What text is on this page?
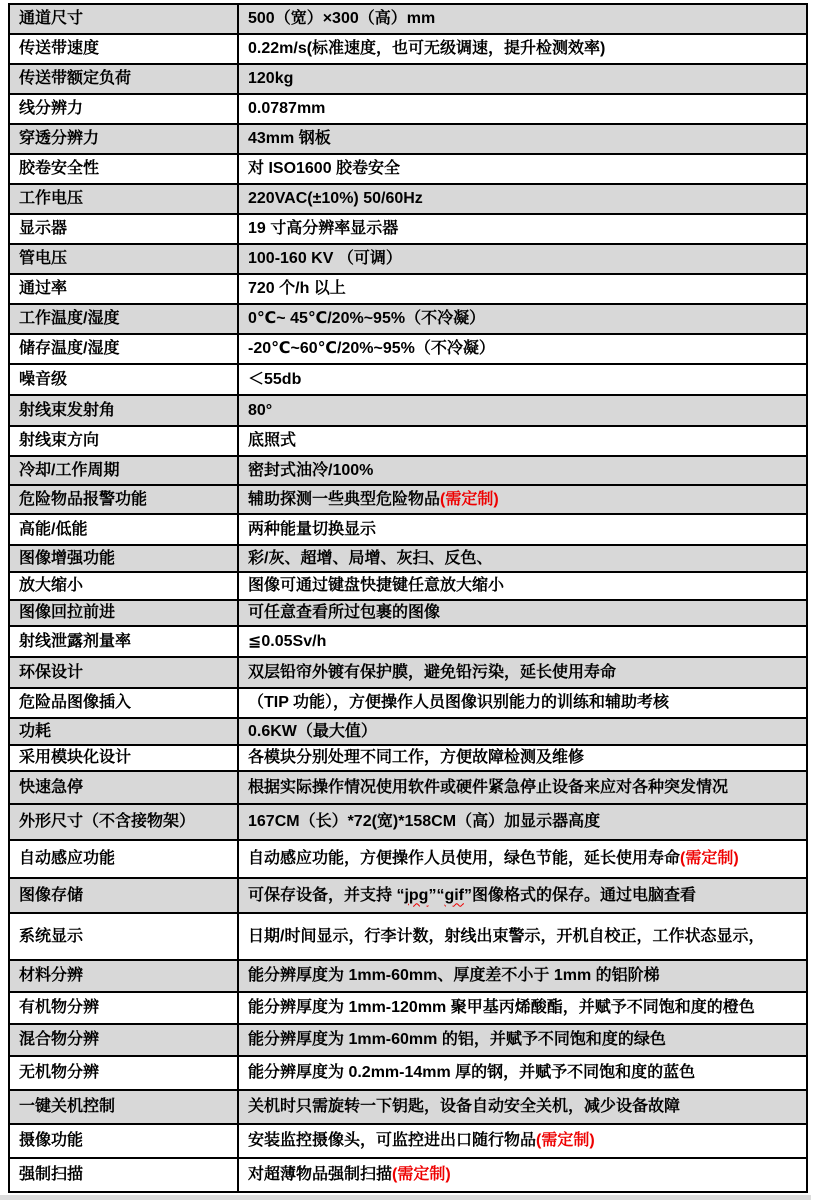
通道尺寸	500（宽）×300（高）mm
传送带速度	0.22m/s(标准速度，也可无级调速，提升检测效率)
传送带额定负荷	120kg
线分辨力	0.0787mm
穿透分辨力	43mm 钢板
胶卷安全性	对 ISO1600 胶卷安全
工作电压	220VAC(±10%) 50/60Hz
显示器	19 寸高分辨率显示器
管电压	100-160 KV （可调）
通过率	720 个/h 以上
工作温度/湿度	0℃~ 45℃/20%~95%（不冷凝）
储存温度/湿度	-20℃~60℃/20%~95%（不冷凝）
噪音级	＜55db
射线束发射角	80°
射线束方向	底照式
冷却/工作周期	密封式油冷/100%
危险物品报警功能	辅助探测一些典型危险物品(需定制)
高能/低能	两种能量切换显示
图像增强功能	彩/灰、超增、局增、灰扫、反色、
放大缩小	图像可通过键盘快捷键任意放大缩小
图像回拉前进	可任意查看所过包裹的图像
射线泄露剂量率	≦0.05Sv/h
环保设计	双层铅帘外镀有保护膜，避免铅污染，延长使用寿命
危险品图像插入	（TIP 功能），方便操作人员图像识别能力的训练和辅助考核
功耗	0.6KW（最大值）
采用模块化设计	各模块分别处理不同工作，方便故障检测及维修
快速急停	根据实际操作情况使用软件或硬件紧急停止设备来应对各种突发情况
外形尺寸（不含接物架）	167CM（长）*72(宽)*158CM（高）加显示器高度
自动感应功能	自动感应功能，方便操作人员使用，绿色节能，延长使用寿命(需定制)
图像存储	可保存设备，并支持 “jpg”“gif”图像格式的保存。通过电脑查看
系统显示	日期/时间显示，行李计数，射线出束警示，开机自校正，工作状态显示，
材料分辨	能分辨厚度为 1mm-60mm、厚度差不小于 1mm 的铝阶梯
有机物分辨	能分辨厚度为 1mm-120mm 聚甲基丙烯酸酯，并赋予不同饱和度的橙色
混合物分辨	能分辨厚度为 1mm-60mm 的铝，并赋予不同饱和度的绿色
无机物分辨	能分辨厚度为 0.2mm-14mm 厚的钢，并赋予不同饱和度的蓝色
一键关机控制	关机时只需旋转一下钥匙，设备自动安全关机，减少设备故障
摄像功能	安装监控摄像头，可监控进出口随行物品(需定制)
强制扫描	对超薄物品强制扫描(需定制)
